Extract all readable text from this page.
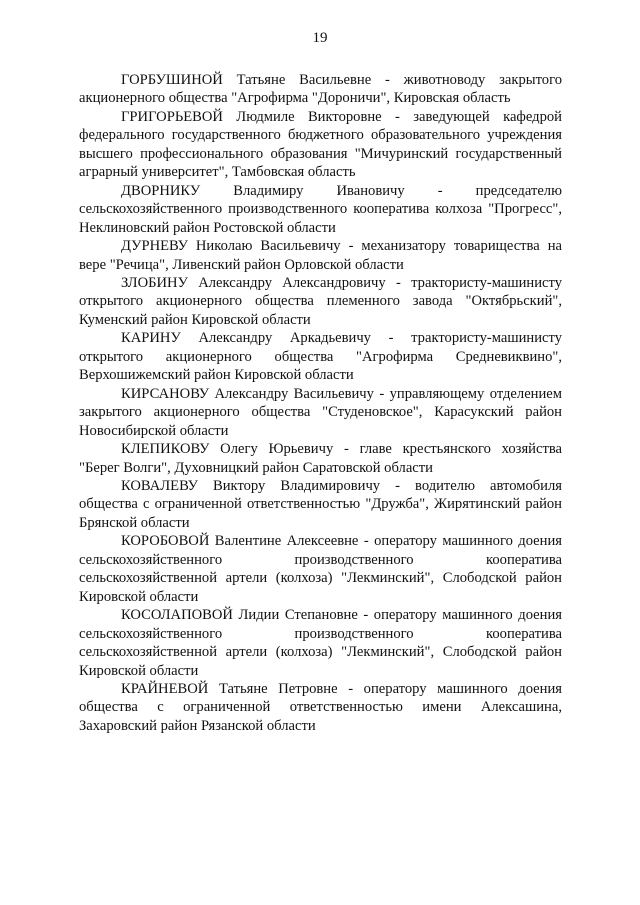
19

ГОРБУШИНОЙ Татьяне Васильевне - животноводу закрытого акционерного общества "Агрофирма "Дороничи", Кировская область

ГРИГОРЬЕВОЙ Людмиле Викторовне - заведующей кафедрой федерального государственного бюджетного образовательного учреждения высшего профессионального образования "Мичуринский государственный аграрный университет", Тамбовская область

ДВОРНИКУ Владимиру Ивановичу - председателю сельскохозяйственного производственного кооператива колхоза "Прогресс", Неклиновский район Ростовской области

ДУРНЕВУ Николаю Васильевичу - механизатору товарищества на вере "Речица", Ливенский район Орловской области

ЗЛОБИНУ Александру Александровичу - трактористу-машинисту открытого акционерного общества племенного завода "Октябрьский", Куменский район Кировской области

КАРИНУ Александру Аркадьевичу - трактористу-машинисту открытого акционерного общества "Агрофирма Средневиквино", Верхошижемский район Кировской области

КИРСАНОВУ Александру Васильевичу - управляющему отделением закрытого акционерного общества "Студеновское", Карасукский район Новосибирской области

КЛЕПИКОВУ Олегу Юрьевичу - главе крестьянского хозяйства "Берег Волги", Духовницкий район Саратовской области

КОВАЛЕВУ Виктору Владимировичу - водителю автомобиля общества с ограниченной ответственностью "Дружба", Жирятинский район Брянской области

КОРОБОВОЙ Валентине Алексеевне - оператору машинного доения сельскохозяйственного производственного кооператива сельскохозяйственной артели (колхоза) "Лекминский", Слободской район Кировской области

КОСОЛАПОВОЙ Лидии Степановне - оператору машинного доения сельскохозяйственного производственного кооператива сельскохозяйственной артели (колхоза) "Лекминский", Слободской район Кировской области

КРАЙНЕВОЙ Татьяне Петровне - оператору машинного доения общества с ограниченной ответственностью имени Алексашина, Захаровский район Рязанской области
